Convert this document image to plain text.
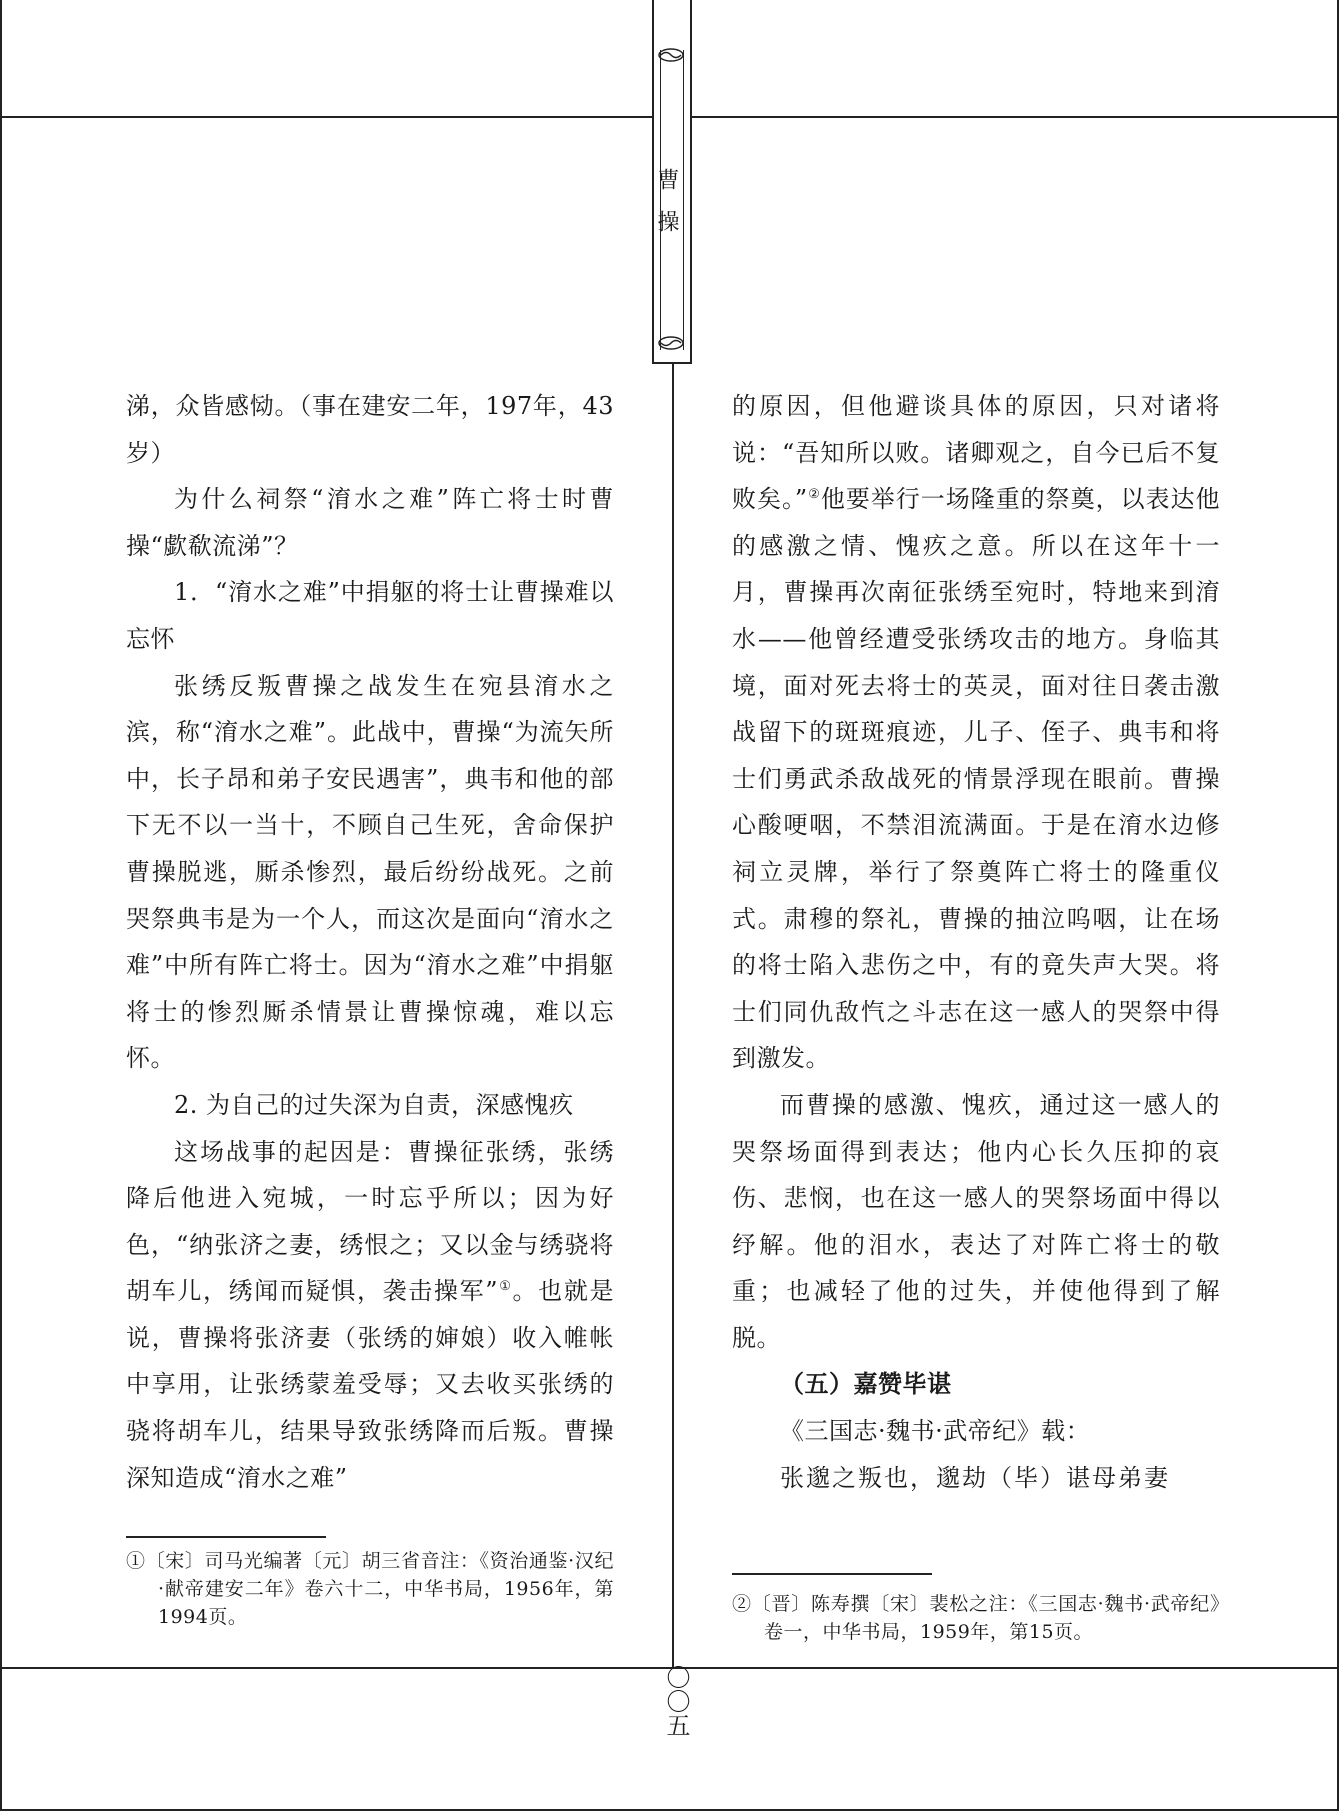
曹操

涕，众皆感恸。（事在建安二年，197年，43岁）

为什么祠祭“淯水之难”阵亡将士时曹操“歔欷流涕”？

1．“淯水之难”中捐躯的将士让曹操难以忘怀

张绣反叛曹操之战发生在宛县淯水之滨，称“淯水之难”。此战中，曹操“为流矢所中，长子昂和弟子安民遇害”，典韦和他的部下无不以一当十，不顾自己生死，舍命保护曹操脱逃，厮杀惨烈，最后纷纷战死。之前哭祭典韦是为一个人，而这次是面向“淯水之难”中所有阵亡将士。因为“淯水之难”中捐躯将士的惨烈厮杀情景让曹操惊魂，难以忘怀。

2. 为自己的过失深为自责，深感愧疚

这场战事的起因是：曹操征张绣，张绣降后他进入宛城，一时忘乎所以；因为好色，“纳张济之妻，绣恨之；又以金与绣骁将胡车儿，绣闻而疑惧，袭击操军”①。也就是说，曹操将张济妻（张绣的婶娘）收入帷帐中享用，让张绣蒙羞受辱；又去收买张绣的骁将胡车儿，结果导致张绣降而后叛。曹操深知造成“淯水之难”

的原因，但他避谈具体的原因，只对诸将说：“吾知所以败。诸卿观之，自今已后不复败矣。”②他要举行一场隆重的祭奠，以表达他的感激之情、愧疚之意。所以在这年十一月，曹操再次南征张绣至宛时，特地来到淯水——他曾经遭受张绣攻击的地方。身临其境，面对死去将士的英灵，面对往日袭击激战留下的斑斑痕迹，儿子、侄子、典韦和将士们勇武杀敌战死的情景浮现在眼前。曹操心酸哽咽，不禁泪流满面。于是在淯水边修祠立灵牌，举行了祭奠阵亡将士的隆重仪式。肃穆的祭礼，曹操的抽泣呜咽，让在场的将士陷入悲伤之中，有的竟失声大哭。将士们同仇敌忾之斗志在这一感人的哭祭中得到激发。

而曹操的感激、愧疚，通过这一感人的哭祭场面得到表达；他内心长久压抑的哀伤、悲悯，也在这一感人的哭祭场面中得以纾解。他的泪水，表达了对阵亡将士的敬重；也减轻了他的过失，并使他得到了解脱。

（五）嘉赞毕谌

《三国志·魏书·武帝纪》载：

张邈之叛也，邈劫（毕）谌母弟妻

①〔宋〕司马光编著〔元〕胡三省音注：《资治通鉴·汉纪·献帝建安二年》卷六十二，中华书局，1956年，第1994页。
②〔晋〕陈寿撰〔宋〕裴松之注：《三国志·魏书·武帝纪》卷一，中华书局，1959年，第15页。
〇〇五
